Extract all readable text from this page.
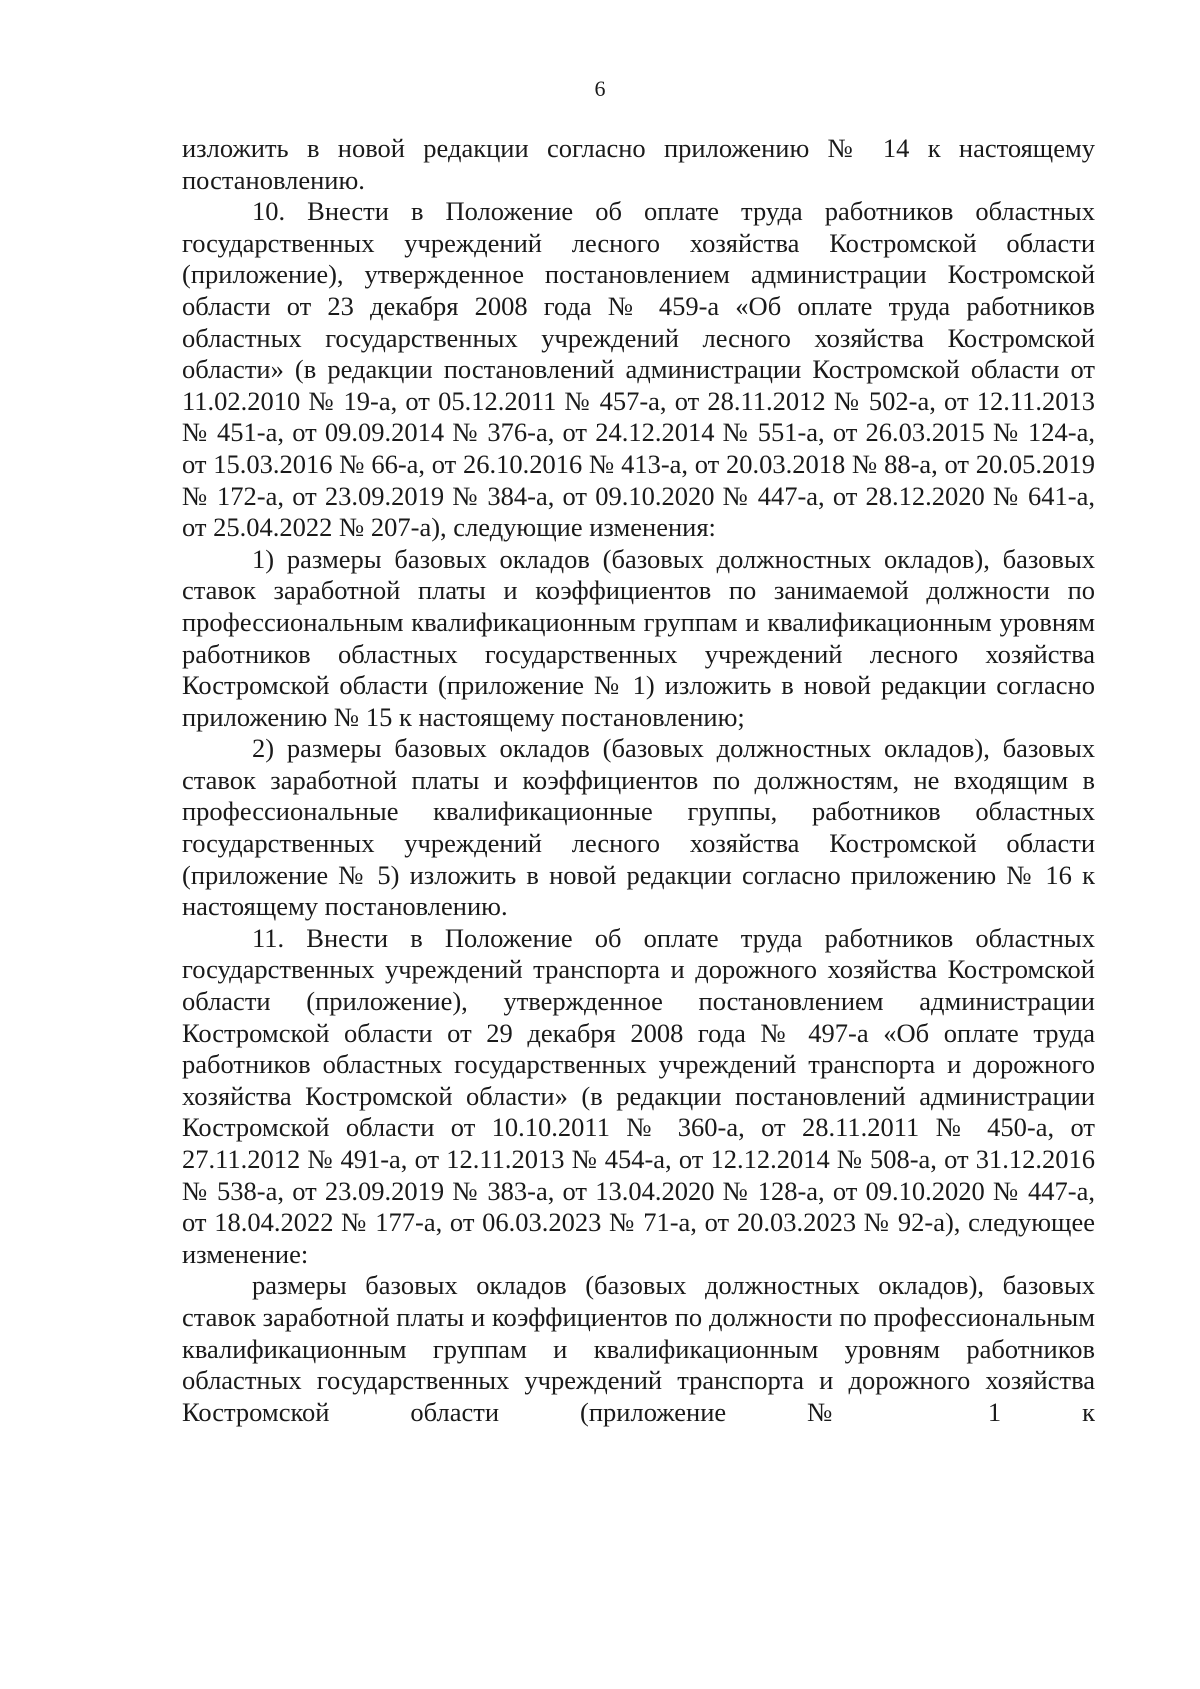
6

изложить в новой редакции согласно приложению № 14 к настоящему постановлению.

10. Внести в Положение об оплате труда работников областных государственных учреждений лесного хозяйства Костромской области (приложение), утвержденное постановлением администрации Костромской области от 23 декабря 2008 года № 459-а «Об оплате труда работников областных государственных учреждений лесного хозяйства Костромской области» (в редакции постановлений администрации Костромской области от 11.02.2010 № 19-а, от 05.12.2011 № 457-а, от 28.11.2012 № 502-а, от 12.11.2013 № 451-а, от 09.09.2014 № 376-а, от 24.12.2014 № 551-а, от 26.03.2015 № 124-а, от 15.03.2016 № 66-а, от 26.10.2016 № 413-а, от 20.03.2018 № 88-а, от 20.05.2019 № 172-а, от 23.09.2019 № 384-а, от 09.10.2020 № 447-а, от 28.12.2020 № 641-а, от 25.04.2022 № 207-а), следующие изменения:

1) размеры базовых окладов (базовых должностных окладов), базовых ставок заработной платы и коэффициентов по занимаемой должности по профессиональным квалификационным группам и квалификационным уровням работников областных государственных учреждений лесного хозяйства Костромской области (приложение № 1) изложить в новой редакции согласно приложению № 15 к настоящему постановлению;

2) размеры базовых окладов (базовых должностных окладов), базовых ставок заработной платы и коэффициентов по должностям, не входящим в профессиональные квалификационные группы, работников областных государственных учреждений лесного хозяйства Костромской области (приложение № 5) изложить в новой редакции согласно приложению № 16 к настоящему постановлению.

11. Внести в Положение об оплате труда работников областных государственных учреждений транспорта и дорожного хозяйства Костромской области (приложение), утвержденное постановлением администрации Костромской области от 29 декабря 2008 года № 497-а «Об оплате труда работников областных государственных учреждений транспорта и дорожного хозяйства Костромской области» (в редакции постановлений администрации Костромской области от 10.10.2011 № 360-а, от 28.11.2011 № 450-а, от 27.11.2012 № 491-а, от 12.11.2013 № 454-а, от 12.12.2014 № 508-а, от 31.12.2016 № 538-а, от 23.09.2019 № 383-а, от 13.04.2020 № 128-а, от 09.10.2020 № 447-а, от 18.04.2022 № 177-а, от 06.03.2023 № 71-а, от 20.03.2023 № 92-а), следующее изменение:

размеры базовых окладов (базовых должностных окладов), базовых ставок заработной платы и коэффициентов по должности по профессиональным квалификационным группам и квалификационным уровням работников областных государственных учреждений транспорта и дорожного хозяйства Костромской области (приложение № 1 к
